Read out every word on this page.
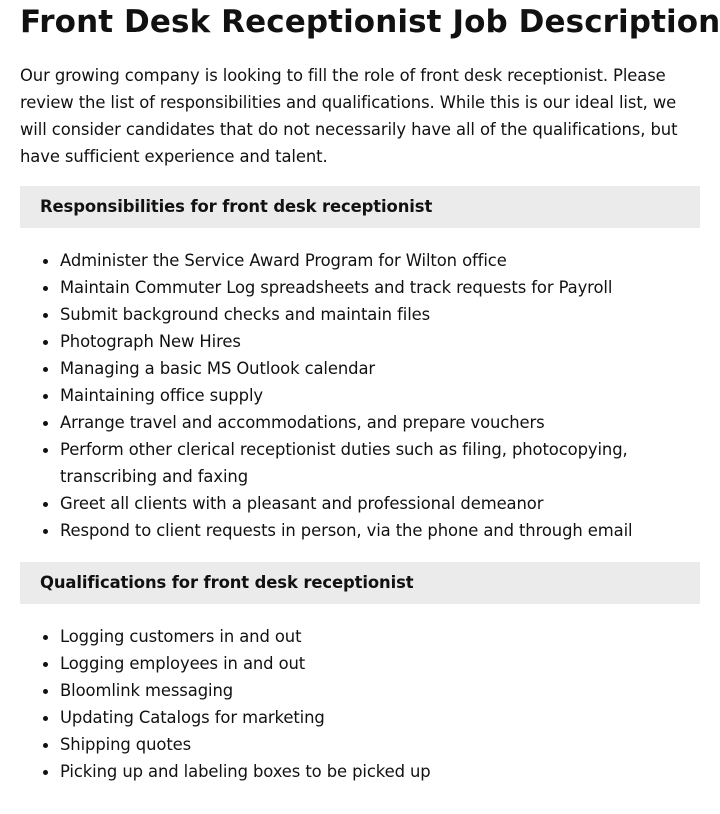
Front Desk Receptionist Job Description

Our growing company is looking to fill the role of front desk receptionist. Please review the list of responsibilities and qualifications. While this is our ideal list, we will consider candidates that do not necessarily have all of the qualifications, but have sufficient experience and talent.

Responsibilities for front desk receptionist
Administer the Service Award Program for Wilton office
Maintain Commuter Log spreadsheets and track requests for Payroll
Submit background checks and maintain files
Photograph New Hires
Managing a basic MS Outlook calendar
Maintaining office supply
Arrange travel and accommodations, and prepare vouchers
Perform other clerical receptionist duties such as filing, photocopying, transcribing and faxing
Greet all clients with a pleasant and professional demeanor
Respond to client requests in person, via the phone and through email
Qualifications for front desk receptionist
Logging customers in and out
Logging employees in and out
Bloomlink messaging
Updating Catalogs for marketing
Shipping quotes
Picking up and labeling boxes to be picked up
